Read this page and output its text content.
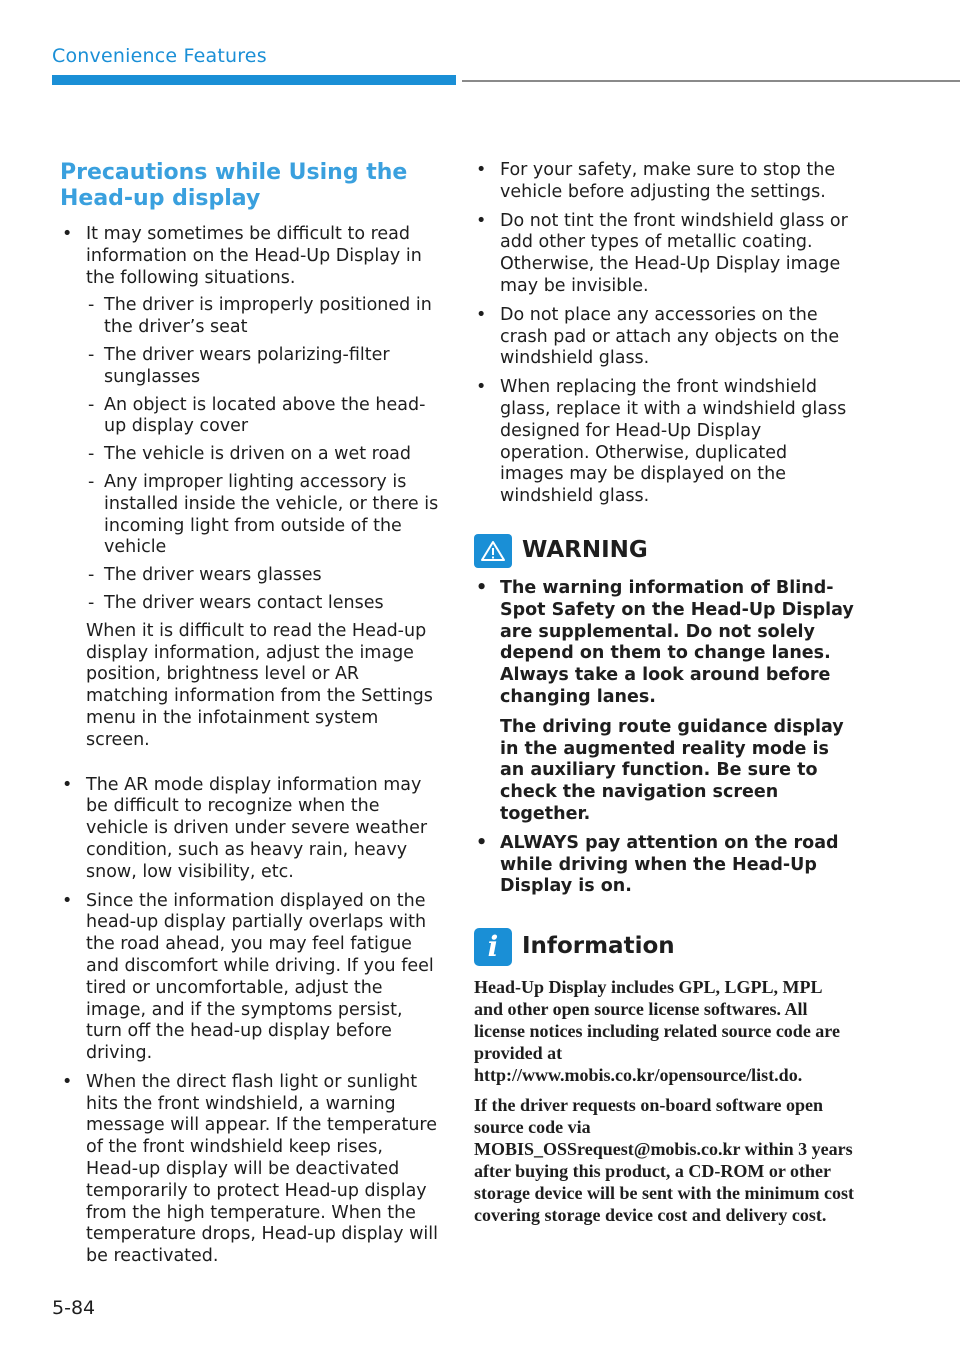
Convenience Features
Precautions while Using the Head-up display
• It may sometimes be difficult to read information on the Head-Up Display in the following situations.
- The driver is improperly positioned in the driver’s seat
- The driver wears polarizing-filter sunglasses
- An object is located above the head-up display cover
- The vehicle is driven on a wet road
- Any improper lighting accessory is installed inside the vehicle, or there is incoming light from outside of the vehicle
- The driver wears glasses
- The driver wears contact lenses

When it is difficult to read the Head-up display information, adjust the image position, brightness level or AR matching information from the Settings menu in the infotainment system screen.

• The AR mode display information may be difficult to recognize when the vehicle is driven under severe weather condition, such as heavy rain, heavy snow, low visibility, etc.
• Since the information displayed on the head-up display partially overlaps with the road ahead, you may feel fatigue and discomfort while driving. If you feel tired or uncomfortable, adjust the image, and if the symptoms persist, turn off the head-up display before driving.
• When the direct flash light or sunlight hits the front windshield, a warning message will appear. If the temperature of the front windshield keep rises, Head-up display will be deactivated temporarily to protect Head-up display from the high temperature. When the temperature drops, Head-up display will be reactivated.
• For your safety, make sure to stop the vehicle before adjusting the settings.
• Do not tint the front windshield glass or add other types of metallic coating. Otherwise, the Head-Up Display image may be invisible.
• Do not place any accessories on the crash pad or attach any objects on the windshield glass.
• When replacing the front windshield glass, replace it with a windshield glass designed for Head-Up Display operation. Otherwise, duplicated images may be displayed on the windshield glass.
WARNING
• The warning information of Blind-Spot Safety on the Head-Up Display are supplemental. Do not solely depend on them to change lanes. Always take a look around before changing lanes.

The driving route guidance display in the augmented reality mode is an auxiliary function. Be sure to check the navigation screen together.

• ALWAYS pay attention on the road while driving when the Head-Up Display is on.
i	Information

Head-Up Display includes GPL, LGPL, MPL and other open source license softwares. All license notices including related source code are provided at http://www.mobis.co.kr/opensource/list.do.

If the driver requests on-board software open source code via MOBIS_OSSrequest@mobis.co.kr within 3 years after buying this product, a CD-ROM or other storage device will be sent with the minimum cost covering storage device cost and delivery cost.

5-84
